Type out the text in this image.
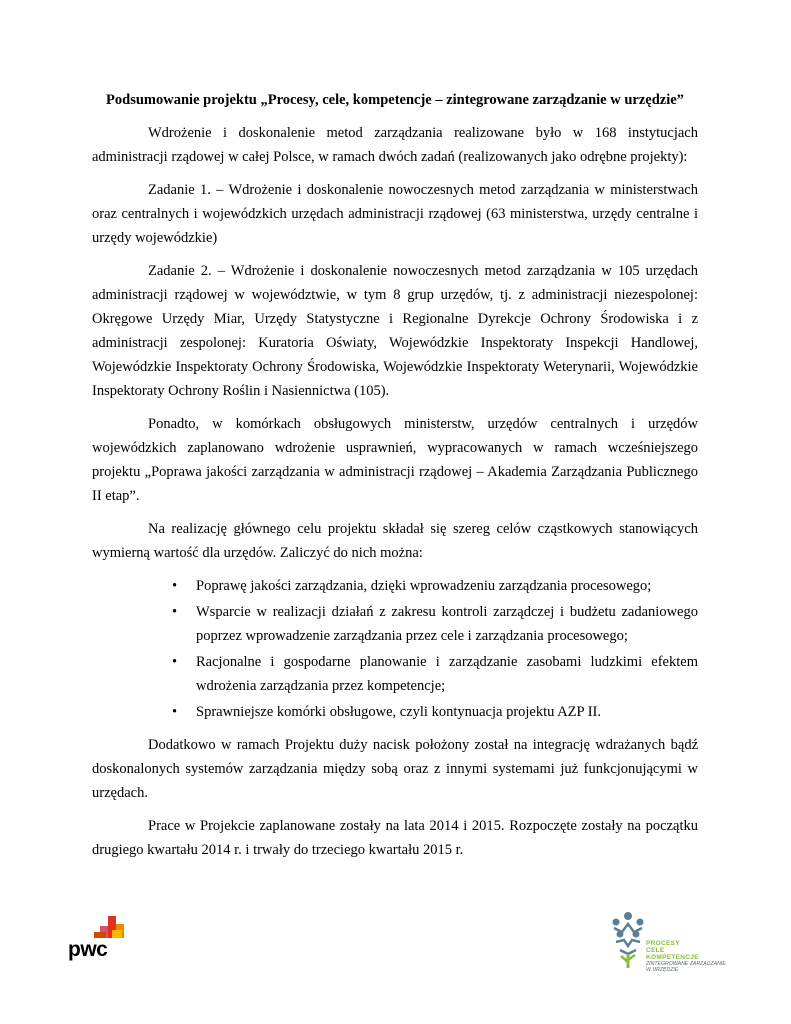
Podsumowanie projektu „Procesy, cele, kompetencje – zintegrowane zarządzanie w urzędzie”

Wdrożenie i doskonalenie metod zarządzania realizowane było w 168 instytucjach administracji rządowej w całej Polsce, w ramach dwóch zadań (realizowanych jako odrębne projekty):

Zadanie 1. – Wdrożenie i doskonalenie nowoczesnych metod zarządzania w ministerstwach oraz centralnych i wojewódzkich urzędach administracji rządowej (63 ministerstwa, urzędy centralne i urzędy wojewódzkie)

Zadanie 2. – Wdrożenie i doskonalenie nowoczesnych metod zarządzania w 105 urzędach administracji rządowej w województwie, w tym 8 grup urzędów, tj. z administracji niezespolonej: Okręgowe Urzędy Miar, Urzędy Statystyczne i Regionalne Dyrekcje Ochrony Środowiska i z administracji zespolonej: Kuratoria Oświaty, Wojewódzkie Inspektoraty Inspekcji Handlowej, Wojewódzkie Inspektoraty Ochrony Środowiska, Wojewódzkie Inspektoraty Weterynarii, Wojewódzkie Inspektoraty Ochrony Roślin i Nasiennictwa (105).

Ponadto, w komórkach obsługowych ministerstw, urzędów centralnych i urzędów wojewódzkich zaplanowano wdrożenie usprawnień, wypracowanych w ramach wcześniejszego projektu „Poprawa jakości zarządzania w administracji rządowej – Akademia Zarządzania Publicznego II etap”.

Na realizację głównego celu projektu składał się szereg celów cząstkowych stanowiących wymierną wartość dla urzędów. Zaliczyć do nich można:

•	Poprawę jakości zarządzania, dzięki wprowadzeniu zarządzania procesowego;
•	Wsparcie w realizacji działań z zakresu kontroli zarządczej i budżetu zadaniowego poprzez wprowadzenie zarządzania przez cele i zarządzania procesowego;
•	Racjonalne i gospodarne planowanie i zarządzanie zasobami ludzkimi efektem wdrożenia zarządzania przez kompetencje;
•	Sprawniejsze komórki obsługowe, czyli kontynuacja projektu AZP II.

Dodatkowo w ramach Projektu duży nacisk położony został na integrację wdrażanych bądź doskonalonych systemów zarządzania między sobą oraz z innymi systemami już funkcjonującymi w urzędach.

Prace w Projekcie zaplanowane zostały na lata 2014 i 2015. Rozpoczęte zostały na początku drugiego kwartału 2014 r. i trwały do trzeciego kwartału 2015 r.

pwc	PROCESY
CELE
KOMPETENCJE
ZINTEGROWANE ZARZĄDZANIE
W URZĘDZIE
